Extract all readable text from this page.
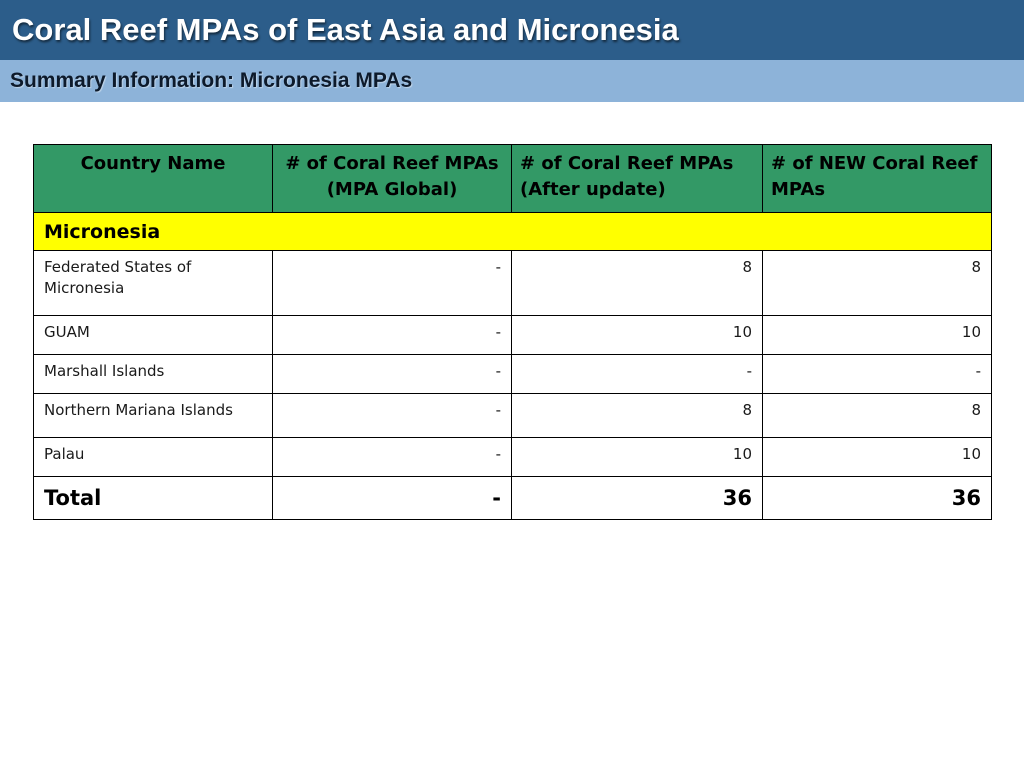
Coral Reef MPAs of East Asia and Micronesia
Summary Information: Micronesia MPAs
Country Name	# of Coral Reef MPAs (MPA Global)	# of Coral Reef MPAs (After update)	# of NEW Coral Reef MPAs
Micronesia			
Federated States of Micronesia	-	8	8
GUAM	-	10	10
Marshall Islands	-	-	-
Northern Mariana Islands	-	8	8
Palau	-	10	10
Total	-	36	36
